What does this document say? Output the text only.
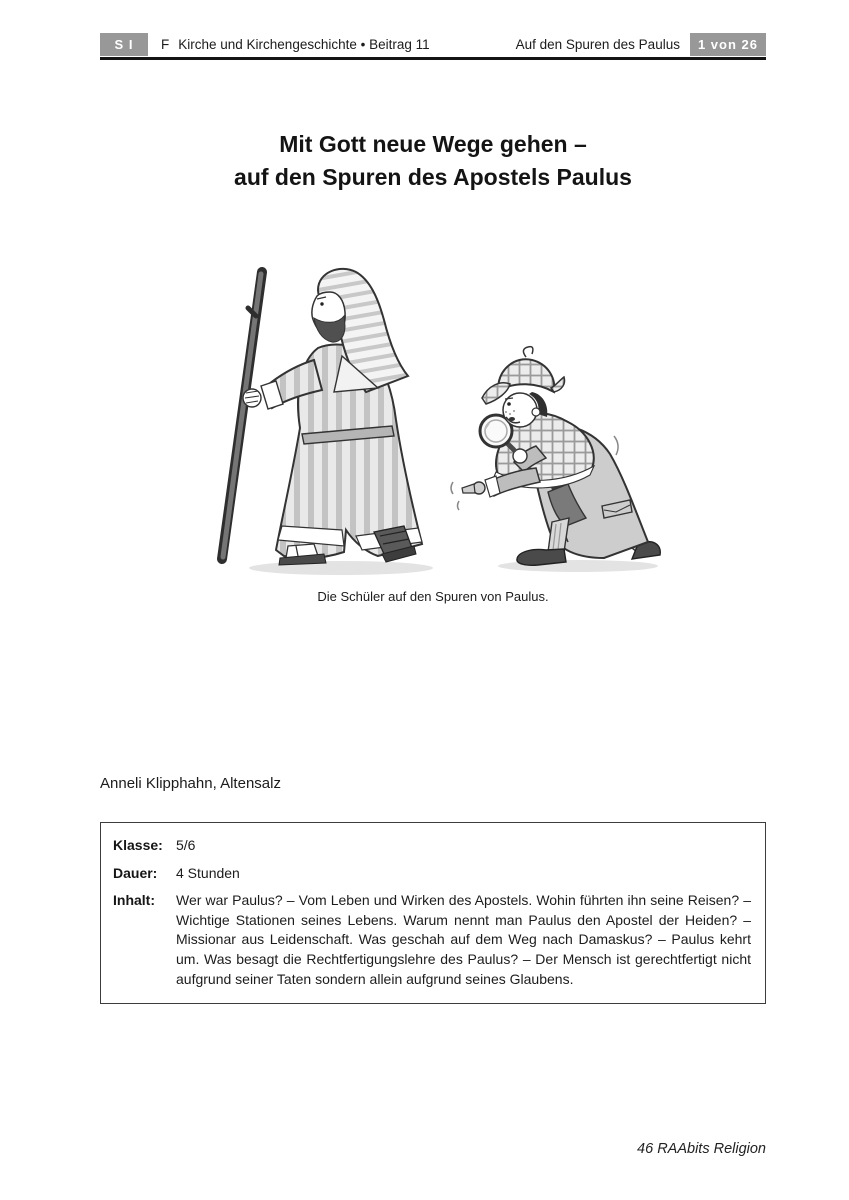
S I	F Kirche und Kirchengeschichte • Beitrag 11	Auf den Spuren des Paulus	1 von 26
Mit Gott neue Wege gehen –
auf den Spuren des Apostels Paulus
Die Schüler auf den Spuren von Paulus.

Anneli Klipphahn, Altensalz

Klasse: 5/6
Dauer:	4 Stunden
Inhalt:	Wer war Paulus? – Vom Leben und Wirken des Apostels. Wohin führten ihn seine Reisen? – Wichtige Stationen seines Lebens. Warum nennt man Paulus den Apostel der Heiden? – Missionar aus Leidenschaft. Was geschah auf dem Weg nach Damaskus? – Paulus kehrt um. Was besagt die Rechtfertigungslehre des Paulus? – Der Mensch ist gerechtfertigt nicht aufgrund seiner Taten sondern allein aufgrund seines Glaubens.
46 RAAbits Religion
